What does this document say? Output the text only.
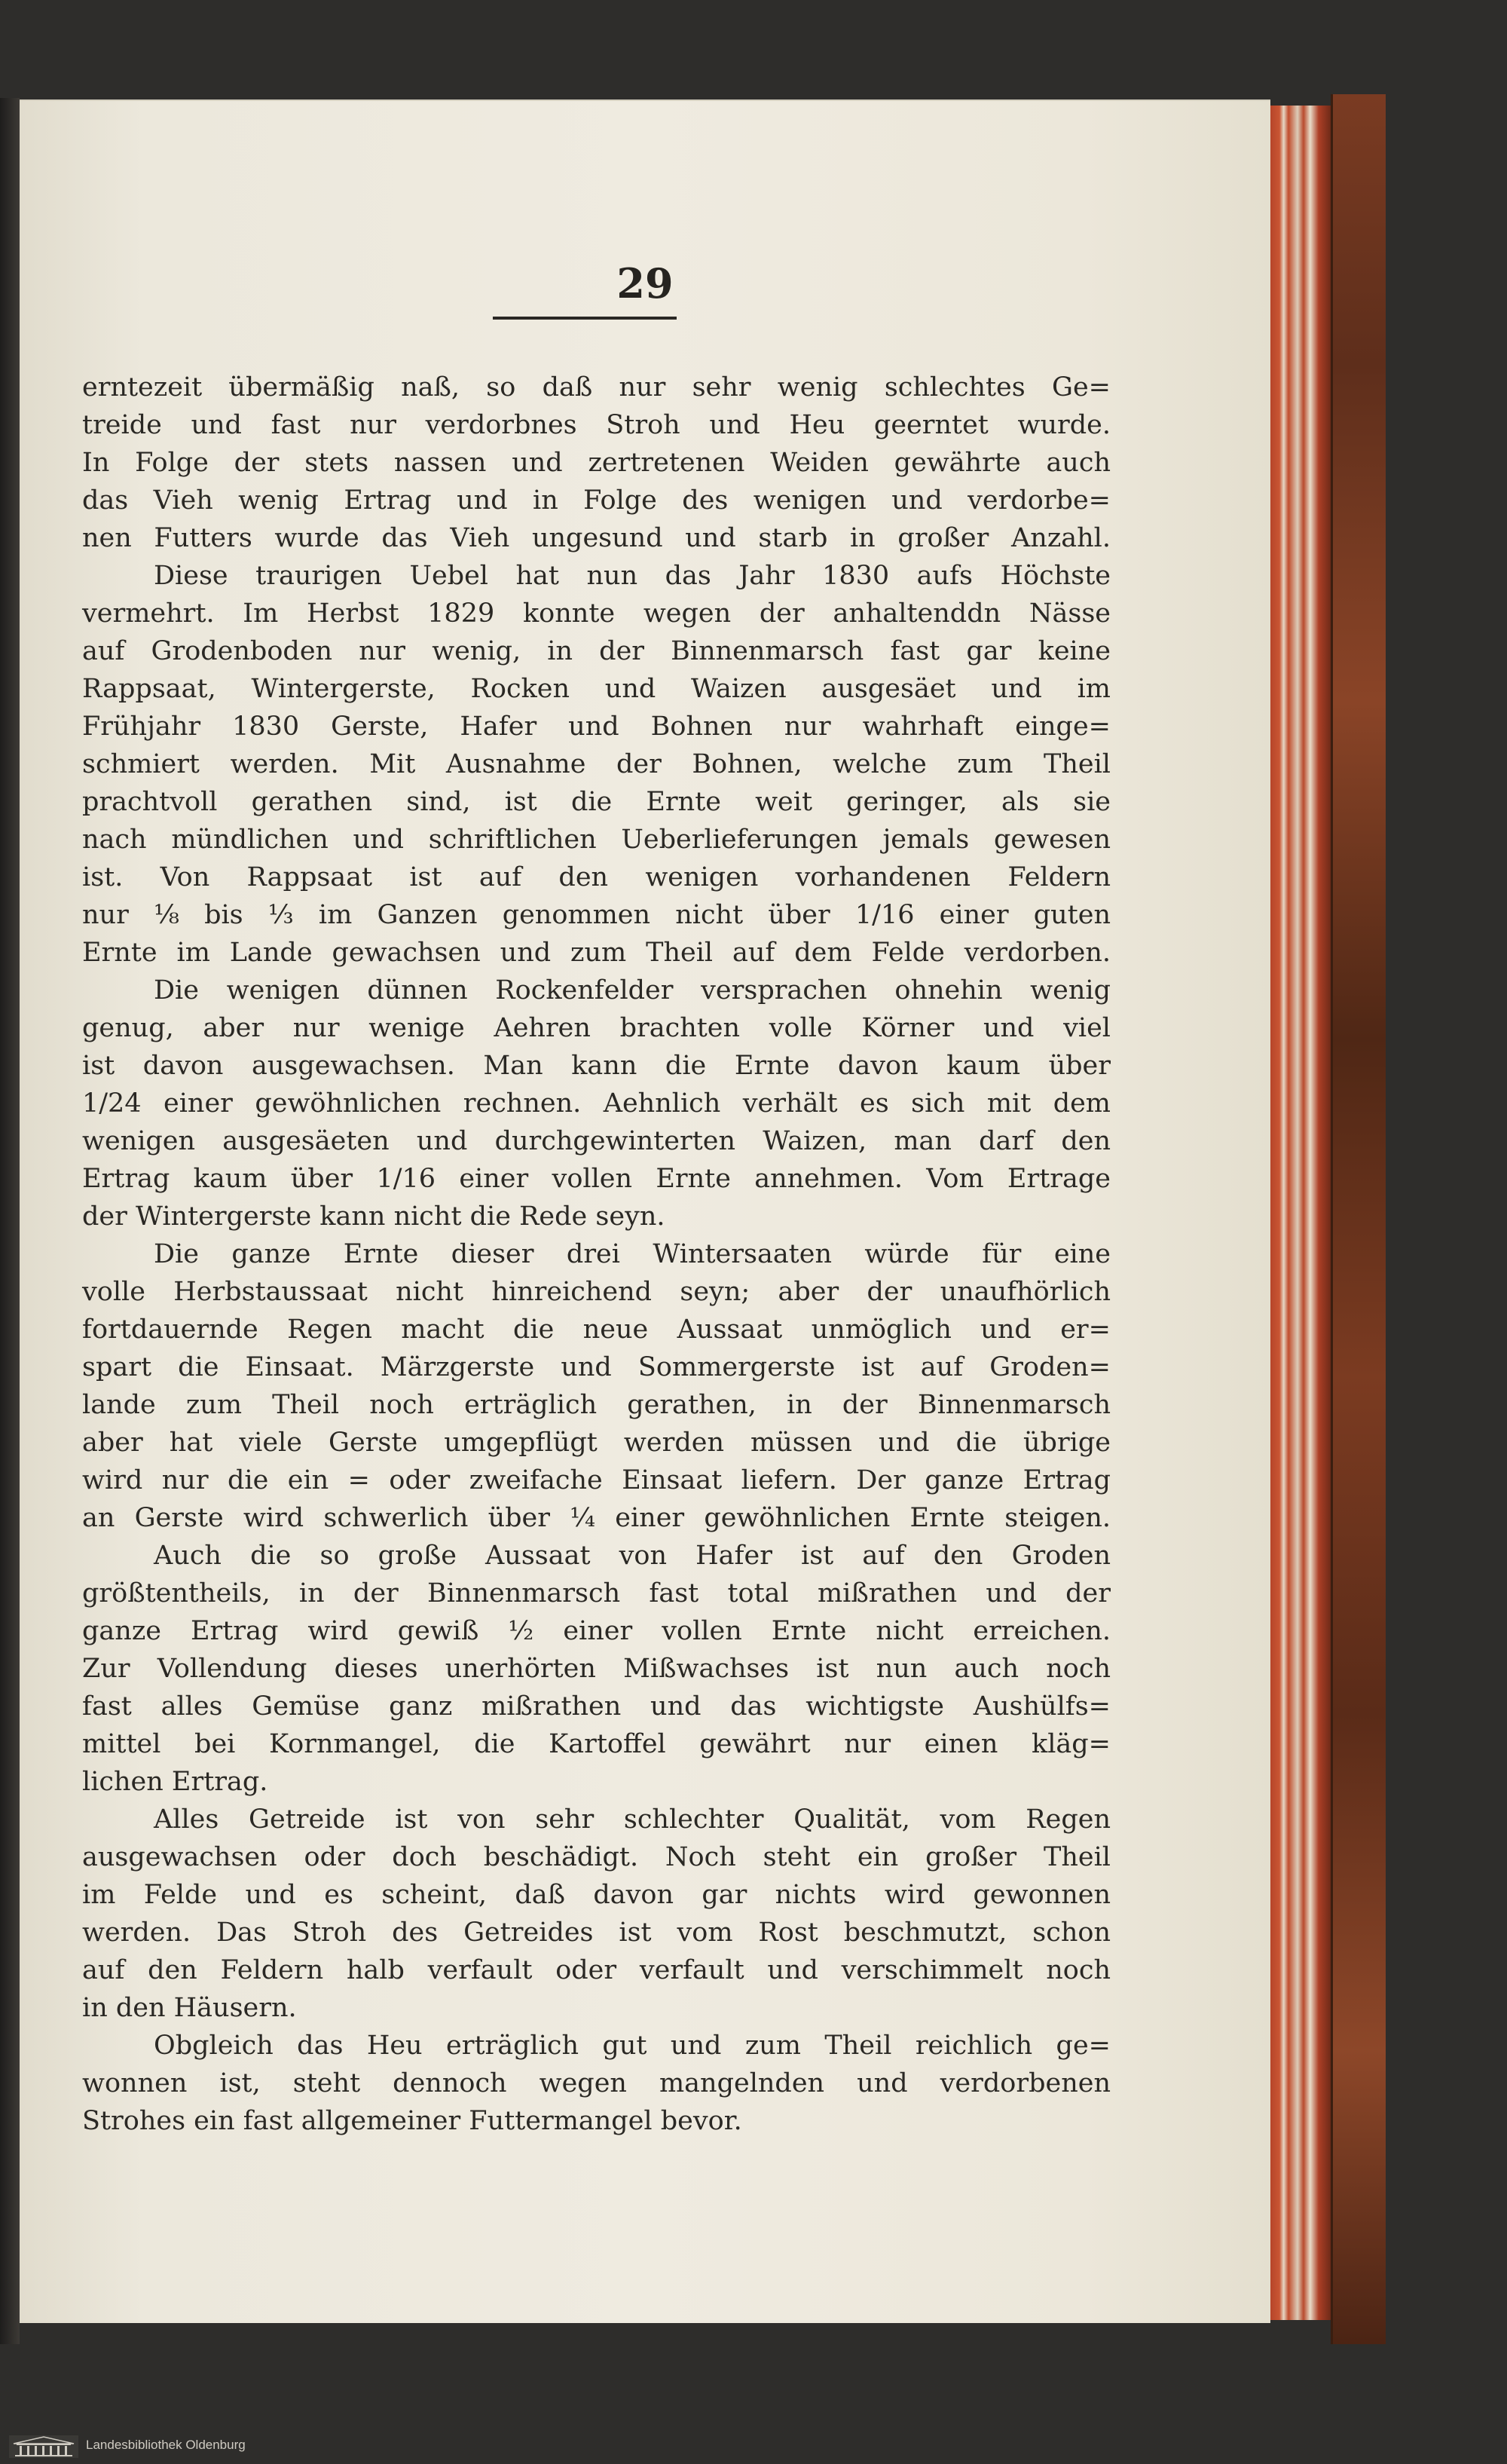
29
erntezeit übermäßig naß, so daß nur sehr wenig schlechtes Ge=
treide und fast nur verdorbnes Stroh und Heu geerntet wurde.
In Folge der stets nassen und zertretenen Weiden gewährte auch
das Vieh wenig Ertrag und in Folge des wenigen und verdorbe=
nen Futters wurde das Vieh ungesund und starb in großer Anzahl.
Diese traurigen Uebel hat nun das Jahr 1830 aufs Höchste
vermehrt. Im Herbst 1829 konnte wegen der anhaltenddn Nässe
auf Grodenboden nur wenig, in der Binnenmarsch fast gar keine
Rappsaat, Wintergerste, Rocken und Waizen ausgesäet und im
Frühjahr 1830 Gerste, Hafer und Bohnen nur wahrhaft einge=
schmiert werden. Mit Ausnahme der Bohnen, welche zum Theil
prachtvoll gerathen sind, ist die Ernte weit geringer, als sie
nach mündlichen und schriftlichen Ueberlieferungen jemals gewesen
ist. Von Rappsaat ist auf den wenigen vorhandenen Feldern
nur ⅛ bis ⅓ im Ganzen genommen nicht über 1/16 einer guten
Ernte im Lande gewachsen und zum Theil auf dem Felde verdorben.
Die wenigen dünnen Rockenfelder versprachen ohnehin wenig
genug, aber nur wenige Aehren brachten volle Körner und viel
ist davon ausgewachsen. Man kann die Ernte davon kaum über
1/24 einer gewöhnlichen rechnen. Aehnlich verhält es sich mit dem
wenigen ausgesäeten und durchgewinterten Waizen, man darf den
Ertrag kaum über 1/16 einer vollen Ernte annehmen. Vom Ertrage
der Wintergerste kann nicht die Rede seyn.
Die ganze Ernte dieser drei Wintersaaten würde für eine
volle Herbstaussaat nicht hinreichend seyn; aber der unaufhörlich
fortdauernde Regen macht die neue Aussaat unmöglich und er=
spart die Einsaat. Märzgerste und Sommergerste ist auf Groden=
lande zum Theil noch erträglich gerathen, in der Binnenmarsch
aber hat viele Gerste umgepflügt werden müssen und die übrige
wird nur die ein = oder zweifache Einsaat liefern. Der ganze Ertrag
an Gerste wird schwerlich über ¼ einer gewöhnlichen Ernte steigen.
Auch die so große Aussaat von Hafer ist auf den Groden
größtentheils, in der Binnenmarsch fast total mißrathen und der
ganze Ertrag wird gewiß ½ einer vollen Ernte nicht erreichen.
Zur Vollendung dieses unerhörten Mißwachses ist nun auch noch
fast alles Gemüse ganz mißrathen und das wichtigste Aushülfs=
mittel bei Kornmangel, die Kartoffel gewährt nur einen kläg=
lichen Ertrag.
Alles Getreide ist von sehr schlechter Qualität, vom Regen
ausgewachsen oder doch beschädigt. Noch steht ein großer Theil
im Felde und es scheint, daß davon gar nichts wird gewonnen
werden. Das Stroh des Getreides ist vom Rost beschmutzt, schon
auf den Feldern halb verfault oder verfault und verschimmelt noch
in den Häusern.
Obgleich das Heu erträglich gut und zum Theil reichlich ge=
wonnen ist, steht dennoch wegen mangelnden und verdorbenen
Strohes ein fast allgemeiner Futtermangel bevor.
Landesbibliothek Oldenburg
